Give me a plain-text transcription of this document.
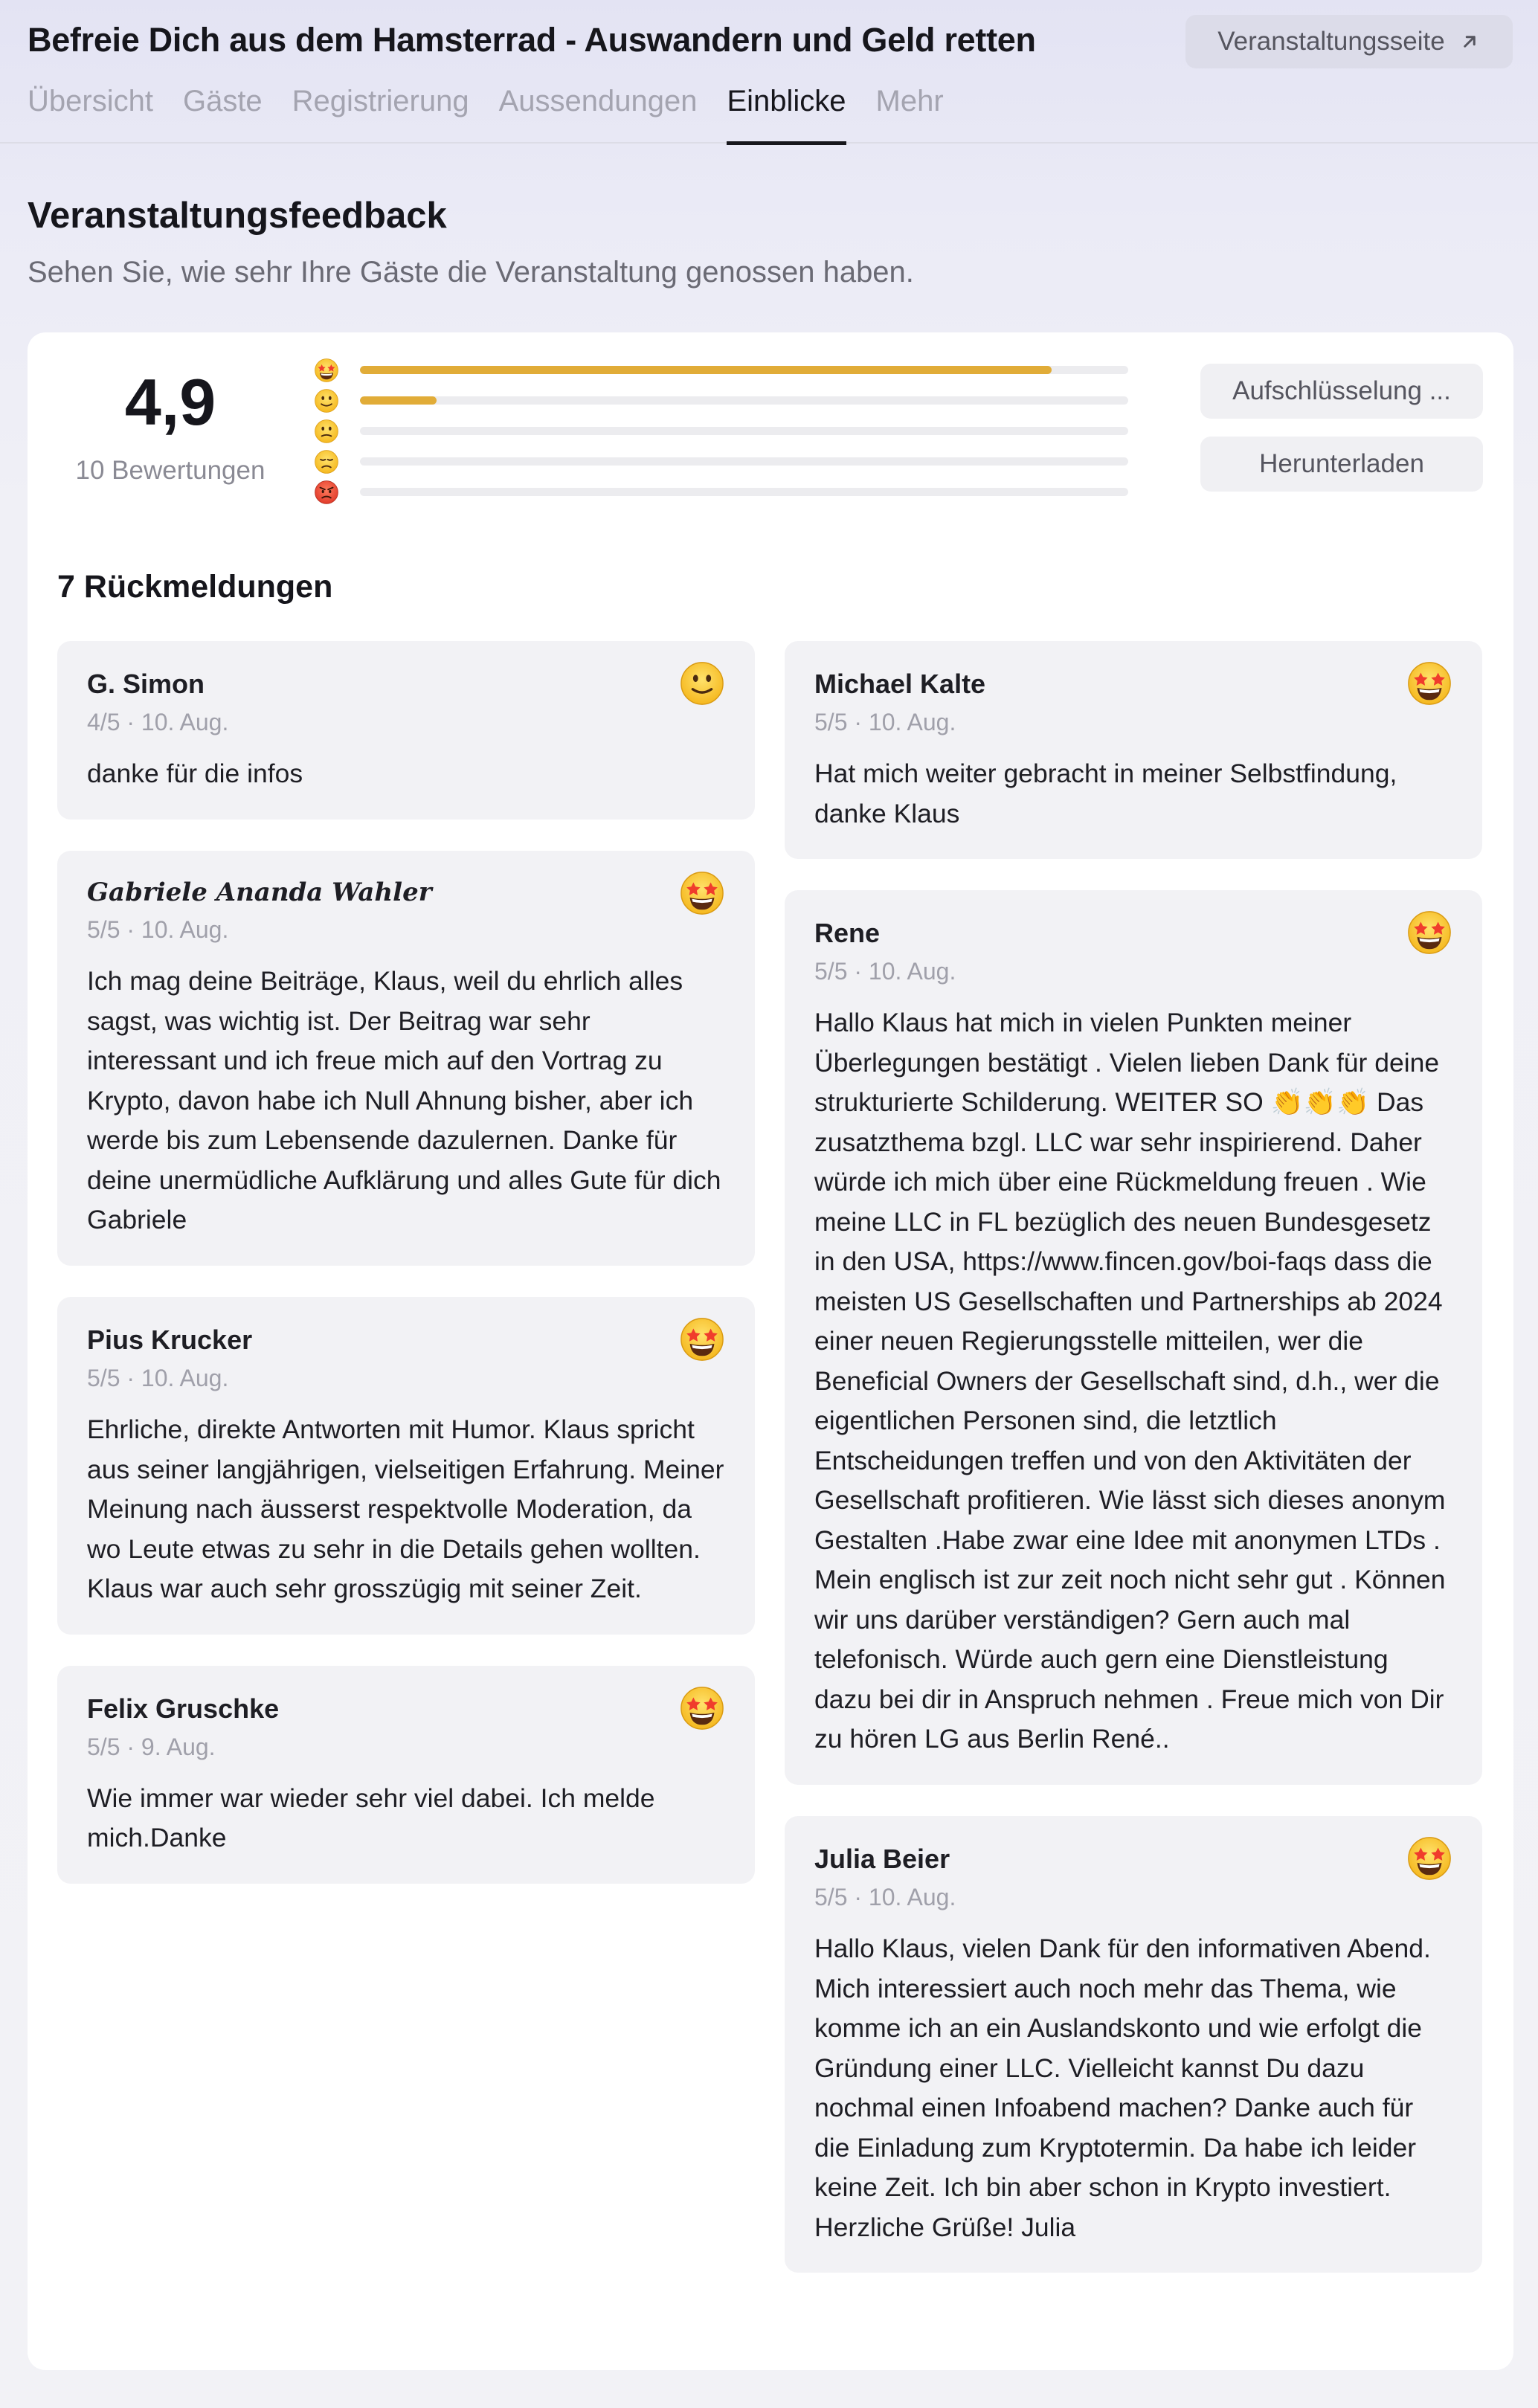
Befreie Dich aus dem Hamsterrad - Auswandern und Geld retten	Veranstaltungsseite
Übersicht Gäste Registrierung Aussendungen Einblicke Mehr
Veranstaltungsfeedback
Sehen Sie, wie sehr Ihre Gäste die Veranstaltung genossen haben.
4,9
10 Bewertungen
Aufschlüsselung ...
Herunterladen
7 Rückmeldungen
G. Simon
4/5 · 10. Aug.
danke für die infos
Gabriele Ananda Wahler
5/5 · 10. Aug.
Ich mag deine Beiträge, Klaus, weil du ehrlich alles sagst, was wichtig ist. Der Beitrag war sehr interessant und ich freue mich auf den Vortrag zu Krypto, davon habe ich Null Ahnung bisher, aber ich werde bis zum Lebensende dazulernen. Danke für deine unermüdliche Aufklärung und alles Gute für dich
Gabriele
Pius Krucker
5/5 · 10. Aug.
Ehrliche, direkte Antworten mit Humor. Klaus spricht aus seiner langjährigen, vielseitigen Erfahrung. Meiner Meinung nach äusserst respektvolle Moderation, da wo Leute etwas zu sehr in die Details gehen wollten. Klaus war auch sehr grosszügig mit seiner Zeit.
Felix Gruschke
5/5 · 9. Aug.
Wie immer war wieder sehr viel dabei. Ich melde mich.Danke
Michael Kalte
5/5 · 10. Aug.
Hat mich weiter gebracht in meiner Selbstfindung, danke Klaus
Rene
5/5 · 10. Aug.
Hallo Klaus hat mich in vielen Punkten meiner Überlegungen bestätigt . Vielen lieben Dank für deine strukturierte Schilderung. WEITER SO 👏👏👏 Das zusatzthema bzgl. LLC war sehr inspirierend. Daher würde ich mich über eine Rückmeldung freuen . Wie meine LLC in FL bezüglich des neuen Bundesgesetz in den USA, https://www.fincen.gov/boi-faqs dass die meisten US Gesellschaften und Partnerships ab 2024 einer neuen Regierungsstelle mitteilen, wer die Beneficial Owners der Gesellschaft sind, d.h., wer die eigentlichen Personen sind, die letztlich Entscheidungen treffen und von den Aktivitäten der Gesellschaft profitieren. Wie lässt sich dieses anonym Gestalten .Habe zwar eine Idee mit anonymen LTDs . Mein englisch ist zur zeit noch nicht sehr gut . Können wir uns darüber verständigen? Gern auch mal telefonisch. Würde auch gern eine Dienstleistung dazu bei dir in Anspruch nehmen . Freue mich von Dir zu hören LG aus Berlin René..
Julia Beier
5/5 · 10. Aug.
Hallo Klaus, vielen Dank für den informativen Abend. Mich interessiert auch noch mehr das Thema, wie komme ich an ein Auslandskonto und wie erfolgt die Gründung einer LLC. Vielleicht kannst Du dazu nochmal einen Infoabend machen? Danke auch für die Einladung zum Kryptotermin. Da habe ich leider keine Zeit. Ich bin aber schon in Krypto investiert. Herzliche Grüße! Julia
